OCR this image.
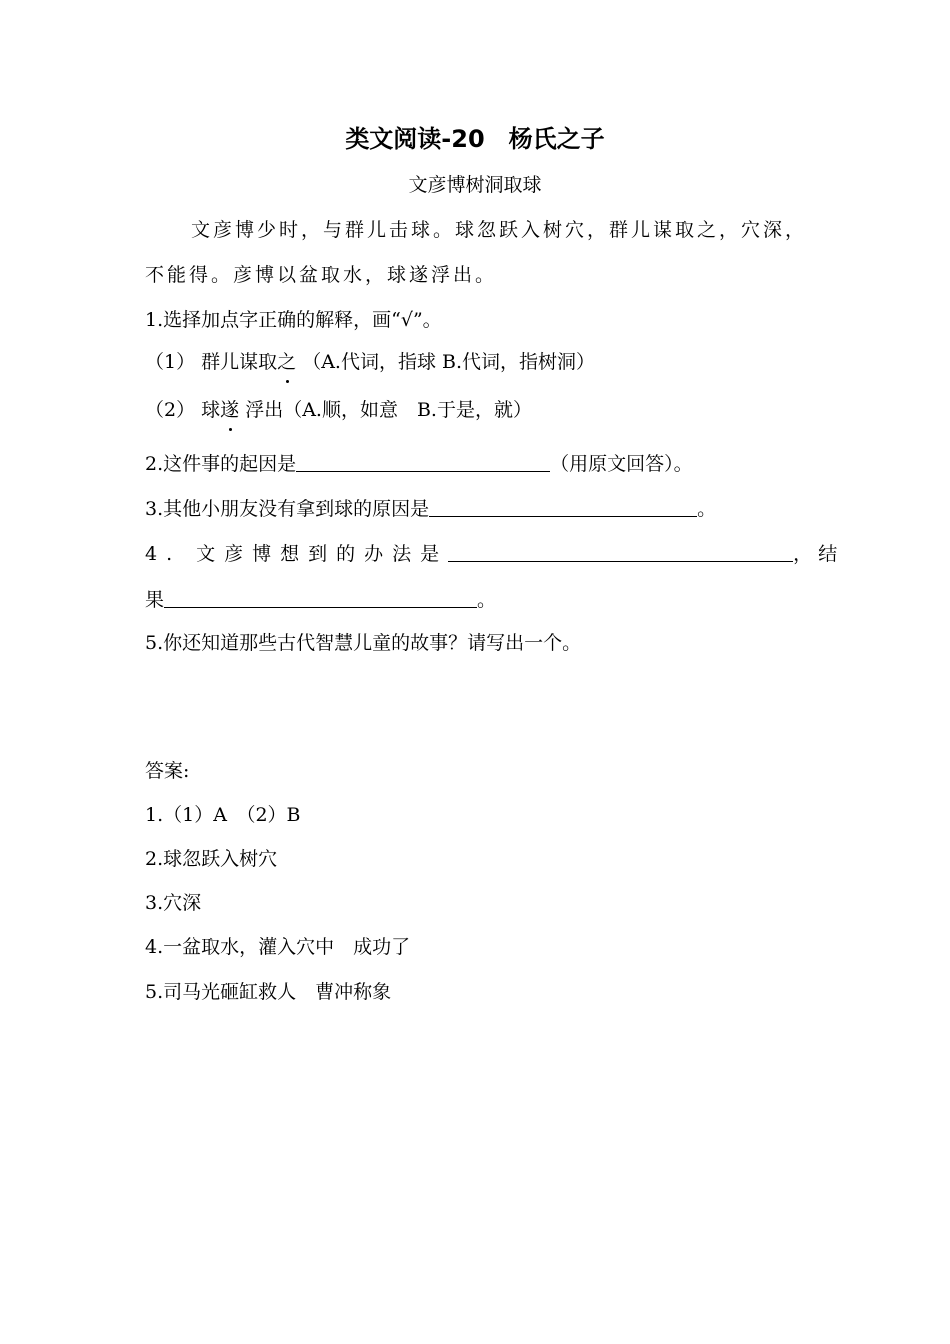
类文阅读-20　杨氏之子
文彦博树洞取球
文彦博少时，与群儿击球。球忽跃入树穴，群儿谋取之，穴深，
不能得。彦博以盆取水，球遂浮出。
1.选择加点字正确的解释，画“√”。
（1） 群儿谋取之 （A.代词，指球 B.代词，指树洞）
（2） 球遂 浮出（A.顺，如意　B.于是，就）
2.这件事的起因是	（用原文回答）。
3.其他小朋友没有拿到球的原因是	。
4. 文彦博想到的办法是	， 结
果	。
5.你还知道那些古代智慧儿童的故事？请写出一个。
答案:
1.（1）A　（2）B
2.球忽跃入树穴
3.穴深
4.一盆取水，灌入穴中　成功了
5.司马光砸缸救人　曹冲称象
